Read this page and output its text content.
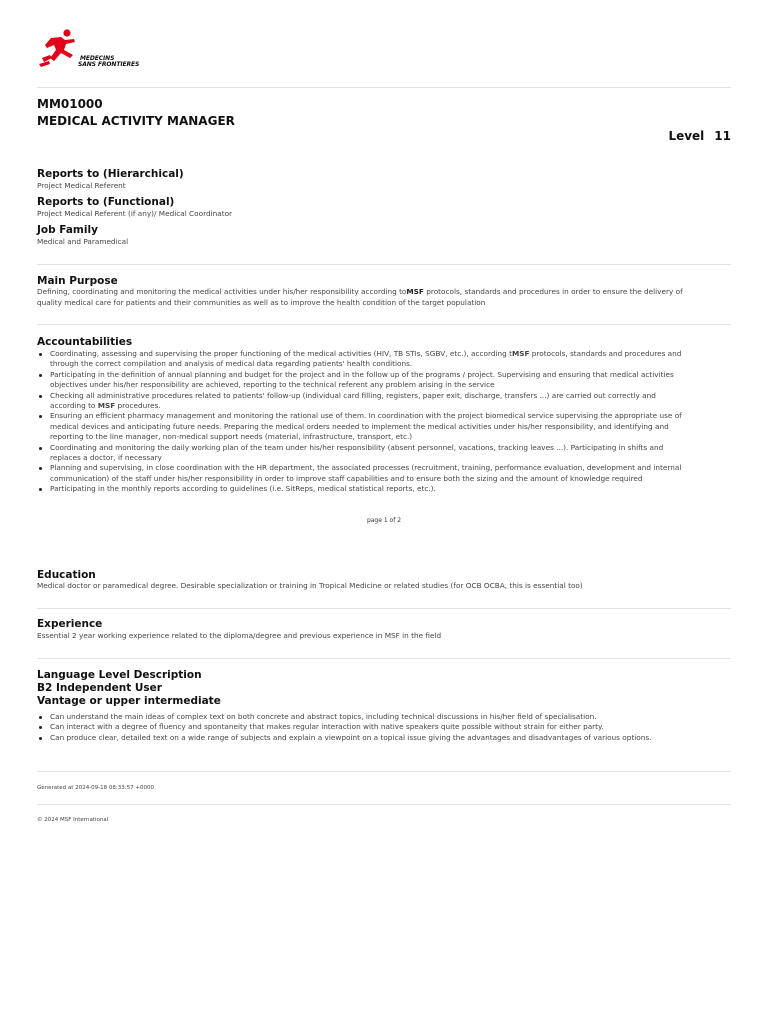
MEDECINS
SANS FRONTIERES
MM01000
MEDICAL ACTIVITY MANAGER
Level 11
Reports to (Hierarchical)
Project Medical Referent
Reports to (Functional)
Project Medical Referent (if any)/ Medical Coordinator
Job Family
Medical and Paramedical
Main Purpose
Defining, coordinating and monitoring the medical activities under his/her responsibility according toMSF protocols, standards and procedures in order to ensure the delivery of
quality medical care for patients and their communities as well as to improve the health condition of the target population
Accountabilities
Coordinating, assessing and supervising the proper functioning of the medical activities (HIV, TB STIs, SGBV, etc.), according tMSF protocols, standards and procedures and
through the correct compilation and analysis of medical data regarding patients' health conditions.
Participating in the definition of annual planning and budget for the project and in the follow up of the programs / project. Supervising and ensuring that medical activities
objectives under his/her responsibility are achieved, reporting to the technical referent any problem arising in the service
Checking all administrative procedures related to patients' follow-up (individual card filling, registers, paper exit, discharge, transfers ...) are carried out correctly and
according to MSF procedures.
Ensuring an efficient pharmacy management and monitoring the rational use of them. In coordination with the project biomedical service supervising the appropriate use of
medical devices and anticipating future needs. Preparing the medical orders needed to implement the medical activities under his/her responsibility, and identifying and
reporting to the line manager, non-medical support needs (material, infrastructure, transport, etc.)
Coordinating and monitoring the daily working plan of the team under his/her responsibility (absent personnel, vacations, tracking leaves ...). Participating in shifts and
replaces a doctor, if necessary
Planning and supervising, in close coordination with the HR department, the associated processes (recruitment, training, performance evaluation, development and internal
communication) of the staff under his/her responsibility in order to improve staff capabilities and to ensure both the sizing and the amount of knowledge required
Participating in the monthly reports according to guidelines (i.e. SitReps, medical statistical reports, etc.).
page 1 of 2
Education
Medical doctor or paramedical degree. Desirable specialization or training in Tropical Medicine or related studies (for OCB OCBA, this is essential too)
Experience
Essential 2 year working experience related to the diploma/degree and previous experience in MSF in the field
Language Level Description
B2 Independent User
Vantage or upper intermediate
Can understand the main ideas of complex text on both concrete and abstract topics, including technical discussions in his/her field of specialisation.
Can interact with a degree of fluency and spontaneity that makes regular interaction with native speakers quite possible without strain for either party.
Can produce clear, detailed text on a wide range of subjects and explain a viewpoint on a topical issue giving the advantages and disadvantages of various options.
Generated at 2024-09-18 08:33:57 +0000
© 2024 MSF International
